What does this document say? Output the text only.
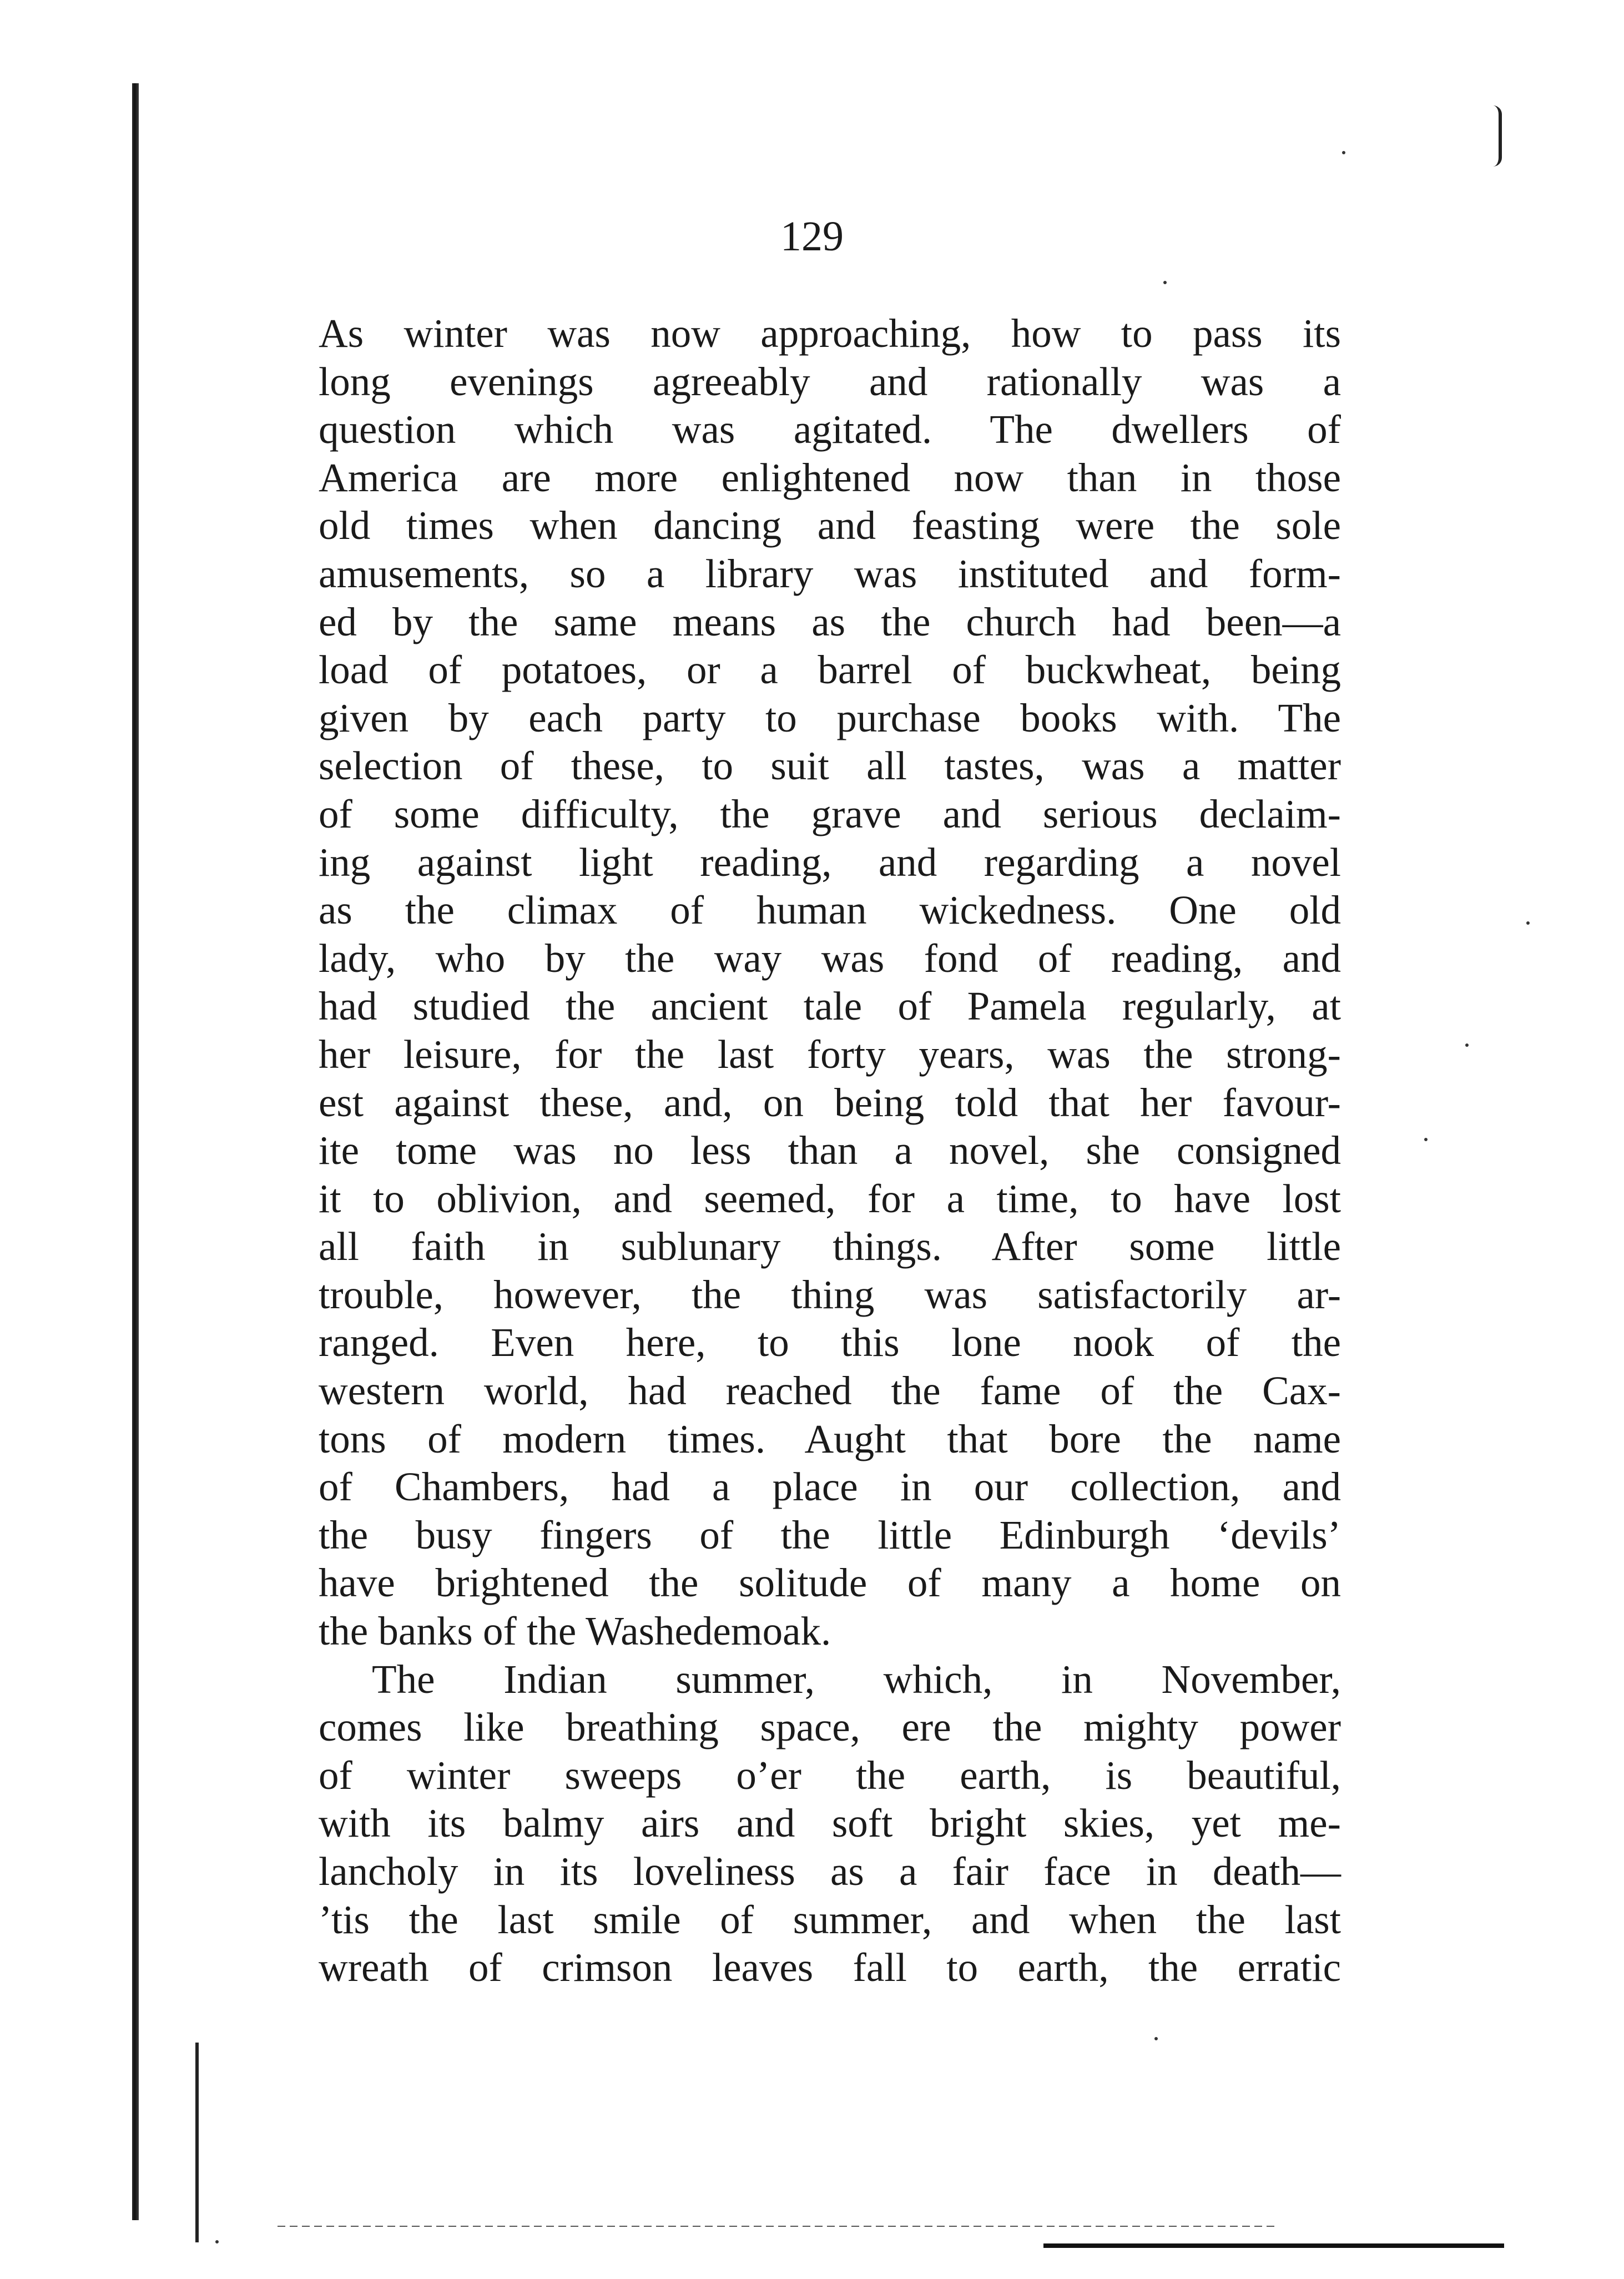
129
As winter was now approaching, how to pass its
long evenings agreeably and rationally was a
question which was agitated. The dwellers of
America are more enlightened now than in those
old times when dancing and feasting were the sole
amusements, so a library was instituted and form-
ed by the same means as the church had been—a
load of potatoes, or a barrel of buckwheat, being
given by each party to purchase books with. The
selection of these, to suit all tastes, was a matter
of some difficulty, the grave and serious declaim-
ing against light reading, and regarding a novel
as the climax of human wickedness. One old
lady, who by the way was fond of reading, and
had studied the ancient tale of Pamela regularly, at
her leisure, for the last forty years, was the strong-
est against these, and, on being told that her favour-
ite tome was no less than a novel, she consigned
it to oblivion, and seemed, for a time, to have lost
all faith in sublunary things. After some little
trouble, however, the thing was satisfactorily ar-
ranged. Even here, to this lone nook of the
western world, had reached the fame of the Cax-
tons of modern times. Aught that bore the name
of Chambers, had a place in our collection, and
the busy fingers of the little Edinburgh ‘devils’
have brightened the solitude of many a home on
the banks of the Washedemoak.
The Indian summer, which, in November,
comes like breathing space, ere the mighty power
of winter sweeps o’er the earth, is beautiful,
with its balmy airs and soft bright skies, yet me-
lancholy in its loveliness as a fair face in death—
’tis the last smile of summer, and when the last
wreath of crimson leaves fall to earth, the erratic
